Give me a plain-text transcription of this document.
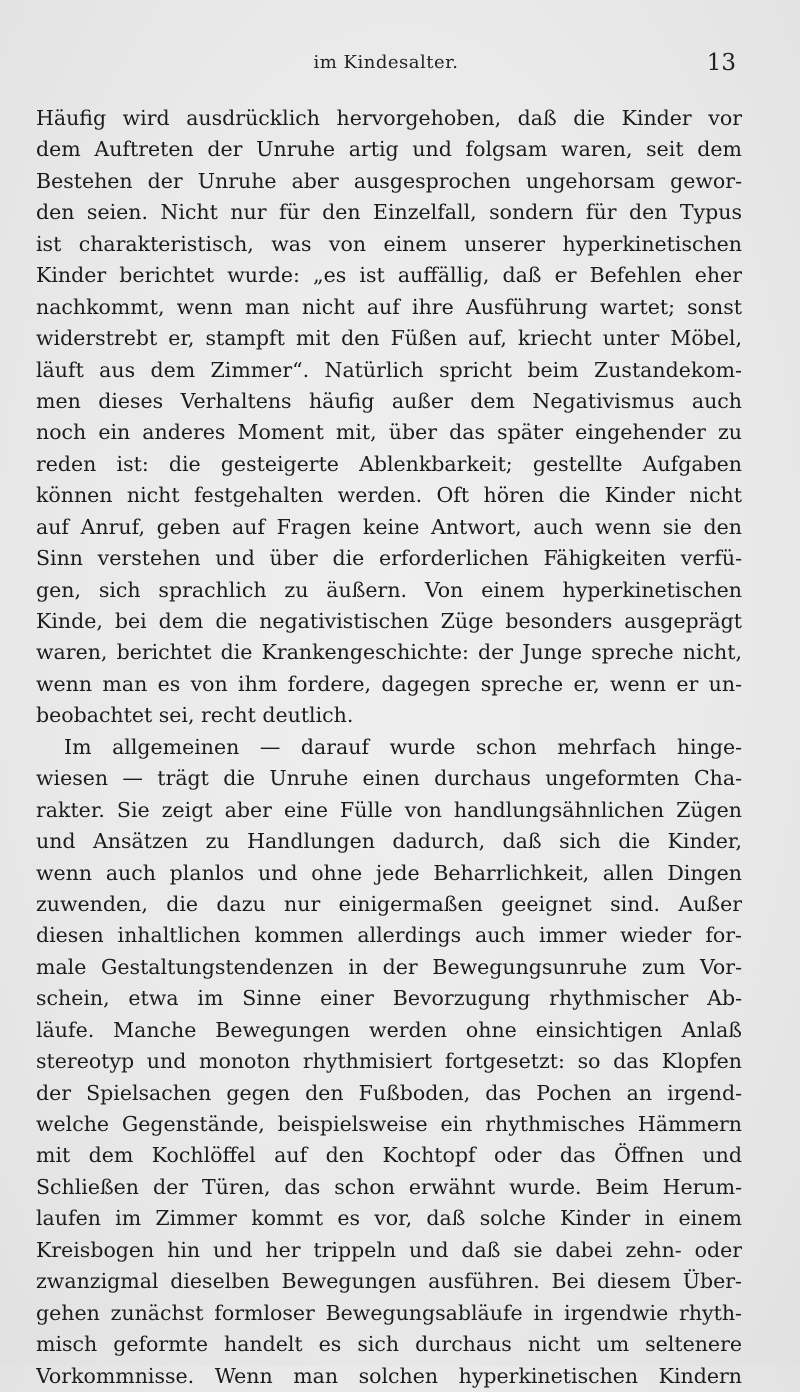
im Kindesalter.	13
Häufig wird ausdrücklich hervorgehoben, daß die Kinder vor
dem Auftreten der Unruhe artig und folgsam waren, seit dem
Bestehen der Unruhe aber ausgesprochen ungehorsam gewor-
den seien. Nicht nur für den Einzelfall, sondern für den Typus
ist charakteristisch, was von einem unserer hyperkinetischen
Kinder berichtet wurde: „es ist auffällig, daß er Befehlen eher
nachkommt, wenn man nicht auf ihre Ausführung wartet; sonst
widerstrebt er, stampft mit den Füßen auf, kriecht unter Möbel,
läuft aus dem Zimmer“. Natürlich spricht beim Zustandekom-
men dieses Verhaltens häufig außer dem Negativismus auch
noch ein anderes Moment mit, über das später eingehender zu
reden ist: die gesteigerte Ablenkbarkeit; gestellte Aufgaben
können nicht festgehalten werden. Oft hören die Kinder nicht
auf Anruf, geben auf Fragen keine Antwort, auch wenn sie den
Sinn verstehen und über die erforderlichen Fähigkeiten verfü-
gen, sich sprachlich zu äußern. Von einem hyperkinetischen
Kinde, bei dem die negativistischen Züge besonders ausgeprägt
waren, berichtet die Krankengeschichte: der Junge spreche nicht,
wenn man es von ihm fordere, dagegen spreche er, wenn er un-
beobachtet sei, recht deutlich.
Im allgemeinen — darauf wurde schon mehrfach hinge-
wiesen — trägt die Unruhe einen durchaus ungeformten Cha-
rakter. Sie zeigt aber eine Fülle von handlungsähnlichen Zügen
und Ansätzen zu Handlungen dadurch, daß sich die Kinder,
wenn auch planlos und ohne jede Beharrlichkeit, allen Dingen
zuwenden, die dazu nur einigermaßen geeignet sind. Außer
diesen inhaltlichen kommen allerdings auch immer wieder for-
male Gestaltungstendenzen in der Bewegungsunruhe zum Vor-
schein, etwa im Sinne einer Bevorzugung rhythmischer Ab-
läufe. Manche Bewegungen werden ohne einsichtigen Anlaß
stereotyp und monoton rhythmisiert fortgesetzt: so das Klopfen
der Spielsachen gegen den Fußboden, das Pochen an irgend-
welche Gegenstände, beispielsweise ein rhythmisches Hämmern
mit dem Kochlöffel auf den Kochtopf oder das Öffnen und
Schließen der Türen, das schon erwähnt wurde. Beim Herum-
laufen im Zimmer kommt es vor, daß solche Kinder in einem
Kreisbogen hin und her trippeln und daß sie dabei zehn- oder
zwanzigmal dieselben Bewegungen ausführen. Bei diesem Über-
gehen zunächst formloser Bewegungsabläufe in irgendwie rhyth-
misch geformte handelt es sich durchaus nicht um seltenere
Vorkommnisse. Wenn man solchen hyperkinetischen Kindern
